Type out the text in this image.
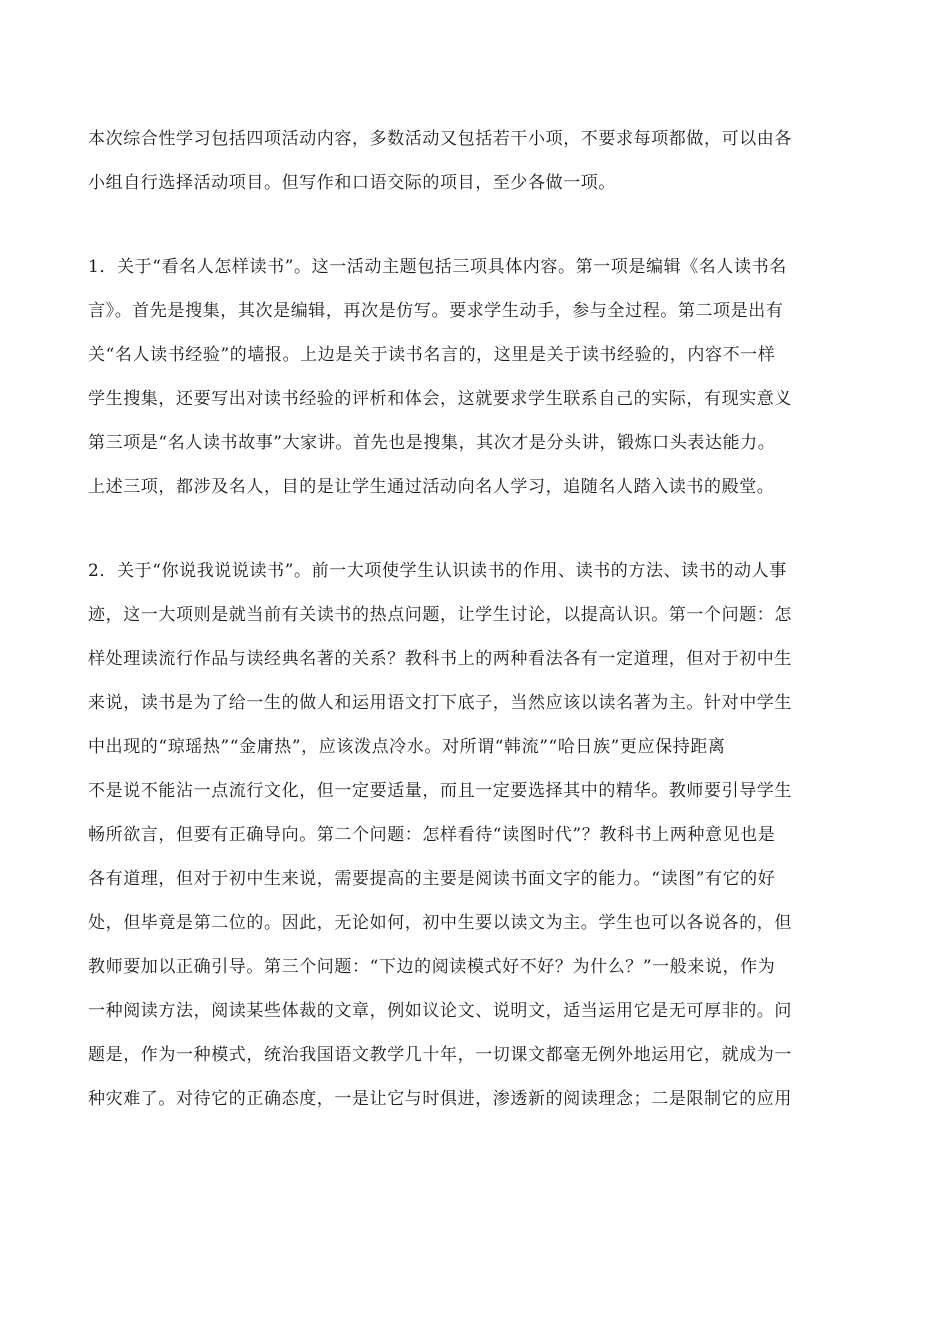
本次综合性学习包括四项活动内容，多数活动又包括若干小项，不要求每项都做，可以由各
小组自行选择活动项目。但写作和口语交际的项目，至少各做一项。
1．关于“看名人怎样读书”。这一活动主题包括三项具体内容。第一项是编辑《名人读书名
言》。首先是搜集，其次是编辑，再次是仿写。要求学生动手，参与全过程。第二项是出有
关“名人读书经验”的墙报。上边是关于读书名言的，这里是关于读书经验的，内容不一样
学生搜集，还要写出对读书经验的评析和体会，这就要求学生联系自己的实际，有现实意义
第三项是“名人读书故事”大家讲。首先也是搜集，其次才是分头讲，锻炼口头表达能力。
上述三项，都涉及名人，目的是让学生通过活动向名人学习，追随名人踏入读书的殿堂。
2．关于“你说我说说读书”。前一大项使学生认识读书的作用、读书的方法、读书的动人事
迹，这一大项则是就当前有关读书的热点问题，让学生讨论，以提高认识。第一个问题：怎
样处理读流行作品与读经典名著的关系？教科书上的两种看法各有一定道理，但对于初中生
来说，读书是为了给一生的做人和运用语文打下底子，当然应该以读名著为主。针对中学生
中出现的“琼瑶热”“金庸热”，应该泼点冷水。对所谓“韩流”“哈日族”更应保持距离
不是说不能沾一点流行文化，但一定要适量，而且一定要选择其中的精华。教师要引导学生
畅所欲言，但要有正确导向。第二个问题：怎样看待“读图时代”？教科书上两种意见也是
各有道理，但对于初中生来说，需要提高的主要是阅读书面文字的能力。“读图”有它的好
处，但毕竟是第二位的。因此，无论如何，初中生要以读文为主。学生也可以各说各的，但
教师要加以正确引导。第三个问题：“下边的阅读模式好不好？为什么？”一般来说，作为
一种阅读方法，阅读某些体裁的文章，例如议论文、说明文，适当运用它是无可厚非的。问
题是，作为一种模式，统治我国语文教学几十年，一切课文都毫无例外地运用它，就成为一
种灾难了。对待它的正确态度，一是让它与时俱进，渗透新的阅读理念；二是限制它的应用
